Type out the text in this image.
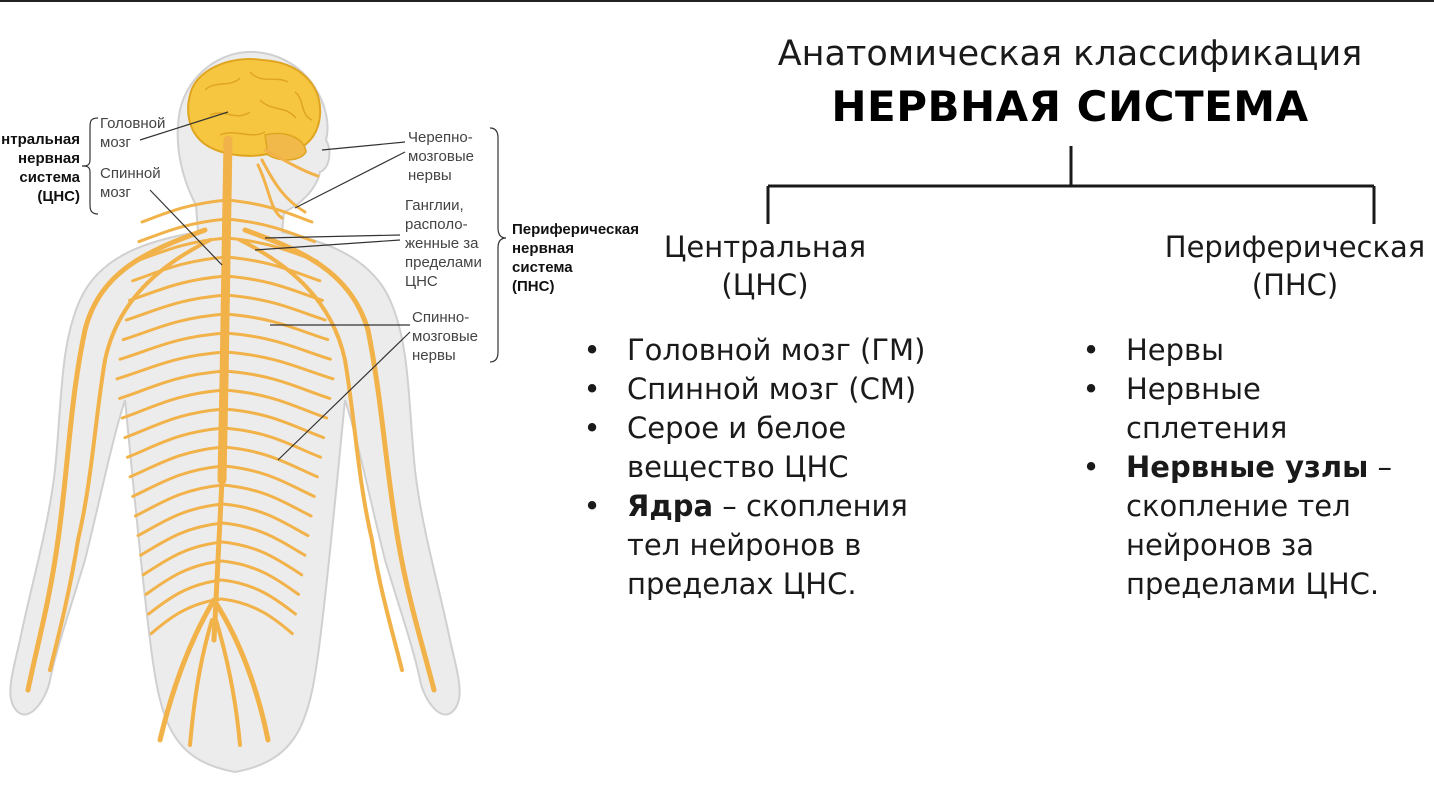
нтральная
нервная
система
(ЦНС)
Головной
мозг
Спинной
мозг
Черепно-
мозговые
нервы
Ганглии,
располо-
женные за
пределами
ЦНС
Спинно-
мозговые
нервы
Периферическая
нервная
система
(ПНС)
Анатомическая классификация
НЕРВНАЯ СИСТЕМА
Центральная
(ЦНС)
Периферическая
(ПНС)
• Головной мозг (ГМ)
• Спинной мозг (СМ)
• Серое и белое вещество ЦНС
• Ядра – скопления тел нейронов в пределах ЦНС.
• Нервы
• Нервные сплетения
• Нервные узлы – скопление тел нейронов за пределами ЦНС.
